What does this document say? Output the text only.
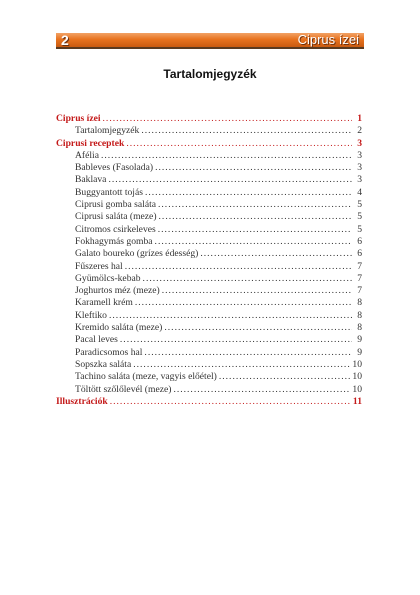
2	Ciprus ízei
Tartalomjegyzék
Ciprus ízei .....	1
Tartalomjegyzék .....	2
Ciprusi receptek .....	3
Afélia .....	3
Bableves (Fasolada) .....	3
Baklava .....	3
Buggyantott tojás .....	4
Ciprusi gomba saláta .....	5
Ciprusi saláta (meze) .....	5
Citromos csirkeleves .....	5
Fokhagymás gomba .....	6
Galato boureko (grízes édesség) .....	6
Fűszeres hal .....	7
Gyümölcs-kebab .....	7
Joghurtos méz (meze) .....	7
Karamell krém .....	8
Kleftiko .....	8
Kremido saláta (meze) .....	8
Pacal leves .....	9
Paradicsomos hal .....	9
Sopszka saláta .....	10
Tachino saláta (meze, vagyis előétel) .....	10
Töltött szőlőlevél (meze) .....	10
Illusztrációk .....	11
